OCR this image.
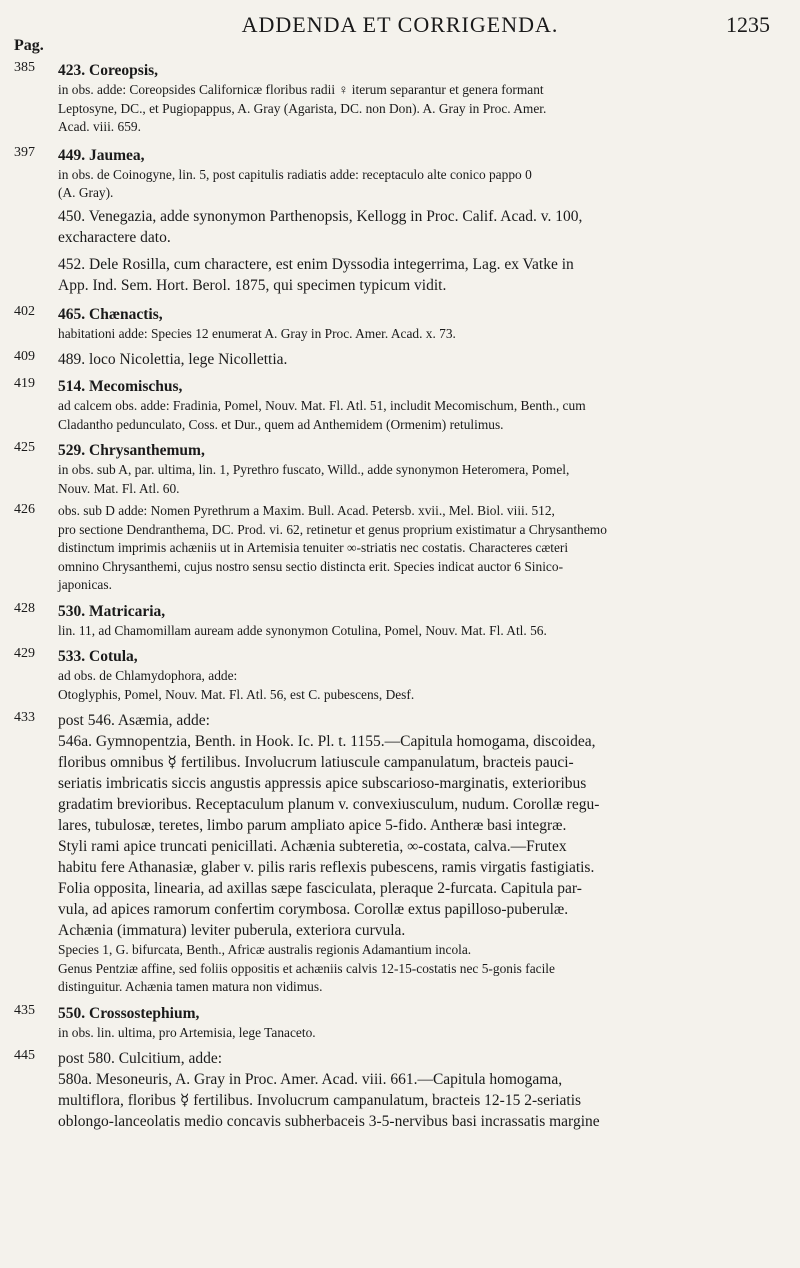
ADDENDA ET CORRIGENDA.	1235
Pag.
385	423. Coreopsis,
in obs. adde: Coreopsides Californicæ floribus radii ♀ iterum separantur et genera formant
Leptosyne, DC., et Pugiopappus, A. Gray (Agarista, DC. non Don). A. Gray in Proc. Amer.
Acad. viii. 659.
397	449. Jaumea,
in obs. de Coinogyne, lin. 5, post capitulis radiatis adde: receptaculo alte conico pappo 0
(A. Gray).
450. Venegazia, adde synonymon Parthenopsis, Kellogg in Proc. Calif. Acad. v. 100,
excharactere dato.
452. Dele Rosilla, cum charactere, est enim Dyssodia integerrima, Lag. ex Vatke in
App. Ind. Sem. Hort. Berol. 1875, qui specimen typicum vidit.
402	465. Chænactis,
habitationi adde: Species 12 enumerat A. Gray in Proc. Amer. Acad. x. 73.
409	489. loco Nicolettia, lege Nicollettia.
419	514. Mecomischus,
ad calcem obs. adde: Fradinia, Pomel, Nouv. Mat. Fl. Atl. 51, includit Mecomischum, Benth., cum
Cladantho pedunculato, Coss. et Dur., quem ad Anthemidem (Ormenim) retulimus.
425	529. Chrysanthemum,
in obs. sub A, par. ultima, lin. 1, Pyrethro fuscato, Willd., adde synonymon Heteromera, Pomel,
Nouv. Mat. Fl. Atl. 60.
426	obs. sub D adde: Nomen Pyrethrum a Maxim. Bull. Acad. Petersb. xvii., Mel. Biol. viii. 512,
pro sectione Dendranthema, DC. Prod. vi. 62, retinetur et genus proprium existimatur a Chrysanthemo
distinctum imprimis achæniis ut in Artemisia tenuiter ∞-striatis nec costatis. Characteres cæteri
omnino Chrysanthemi, cujus nostro sensu sectio distincta erit. Species indicat auctor 6 Sinico-
japonicas.
428	530. Matricaria,
lin. 11, ad Chamomillam auream adde synonymon Cotulina, Pomel, Nouv. Mat. Fl. Atl. 56.
429	533. Cotula,
ad obs. de Chlamydophora, adde:
Otoglyphis, Pomel, Nouv. Mat. Fl. Atl. 56, est C. pubescens, Desf.
433	post 546. Asæmia, adde:
546a. Gymnopentzia, Benth. in Hook. Ic. Pl. t. 1155.—Capitula homogama, discoidea,
floribus omnibus ☿ fertilibus. Involucrum latiuscule campanulatum, bracteis pauci-
seriatis imbricatis siccis angustis appressis apice subscarioso-marginatis, exterioribus
gradatim brevioribus. Receptaculum planum v. convexiusculum, nudum. Corollæ regu-
lares, tubulosæ, teretes, limbo parum ampliato apice 5-fido. Antheræ basi integræ.
Styli rami apice truncati penicillati. Achænia subteretia, ∞-costata, calva.—Frutex
habitu fere Athanasiæ, glaber v. pilis raris reflexis pubescens, ramis virgatis fastigiatis.
Folia opposita, linearia, ad axillas sæpe fasciculata, pleraque 2-furcata. Capitula par-
vula, ad apices ramorum confertim corymbosa. Corollæ extus papilloso-puberulæ.
Achænia (immatura) leviter puberula, exteriora curvula.
Species 1, G. bifurcata, Benth., Africæ australis regionis Adamantium incola.
Genus Pentziæ affine, sed foliis oppositis et achæniis calvis 12-15-costatis nec 5-gonis facile
distinguitur. Achænia tamen matura non vidimus.
435	550. Crossostephium,
in obs. lin. ultima, pro Artemisia, lege Tanaceto.
445	post 580. Culcitium, adde:
580a. Mesoneuris, A. Gray in Proc. Amer. Acad. viii. 661.—Capitula homogama,
multiflora, floribus ☿ fertilibus. Involucrum campanulatum, bracteis 12-15 2-seriatis
oblongo-lanceolatis medio concavis subherbaceis 3-5-nervibus basi incrassatis margine
